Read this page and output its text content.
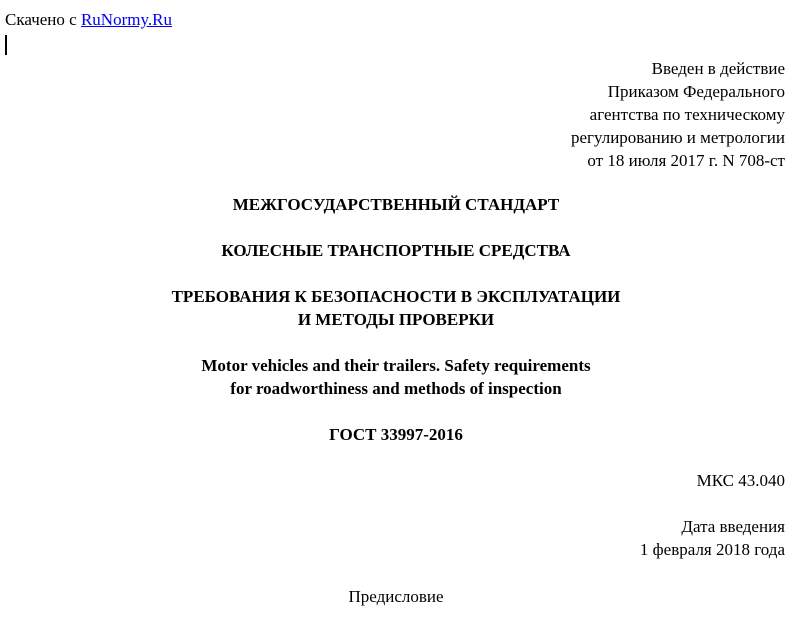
Скачено с RuNormy.Ru
Введен в действие
Приказом Федерального
агентства по техническому
регулированию и метрологии
от 18 июля 2017 г. N 708-ст
МЕЖГОСУДАРСТВЕННЫЙ СТАНДАРТ
КОЛЕСНЫЕ ТРАНСПОРТНЫЕ СРЕДСТВА
ТРЕБОВАНИЯ К БЕЗОПАСНОСТИ В ЭКСПЛУАТАЦИИ
И МЕТОДЫ ПРОВЕРКИ
Motor vehicles and their trailers. Safety requirements
for roadworthiness and methods of inspection
ГОСТ 33997-2016
МКС 43.040
Дата введения
1 февраля 2018 года
Предисловие
